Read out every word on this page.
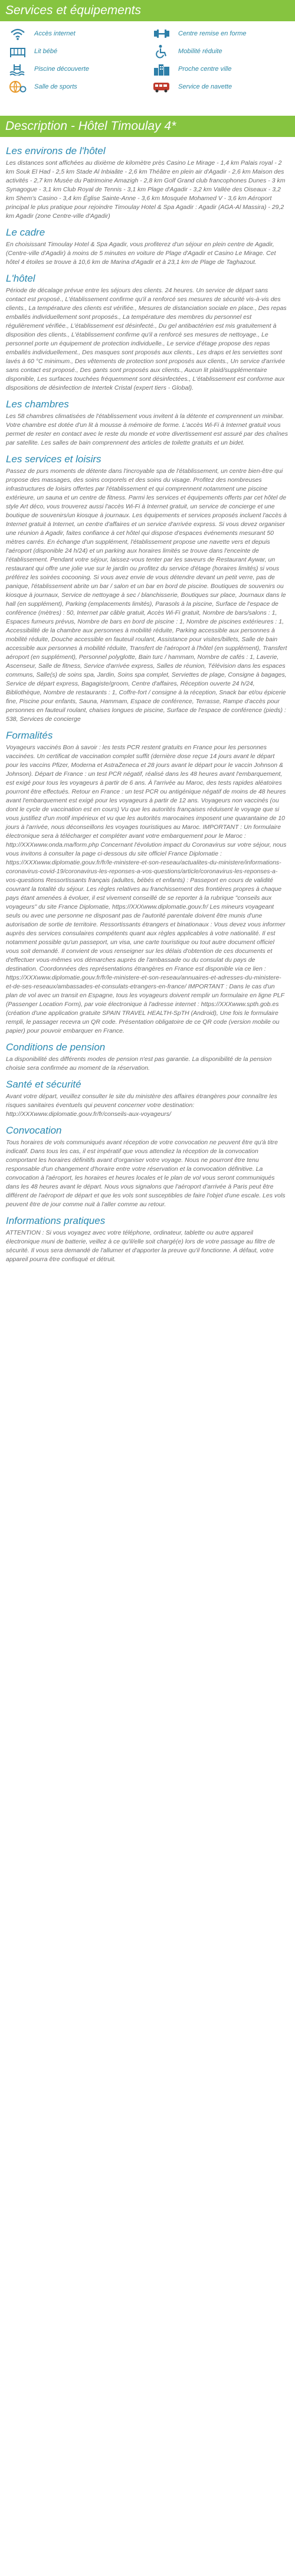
Services et équipements
Accès internet	Centre remise en forme
Lit bébé	Mobilité réduite
Piscine découverte	Proche centre ville
Salle de sports	Service de navette
Description - Hôtel Timoulay 4*
Les environs de l'hôtel

Les distances sont affichées au dixième de kilomètre près Casino Le Mirage - 1,4 km Palais royal - 2 km Souk El Had - 2,5 km Stade Al Inbiaâte - 2,6 km Théâtre en plein air d'Agadir - 2,6 km Maison des activités - 2,7 km Musée du Patrimoine Amazigh - 2,8 km Golf Grand club francophones Dunes - 3 km Synagogue - 3,1 km Club Royal de Tennis - 3,1 km Plage d'Agadir - 3,2 km Vallée des Oiseaux - 3,2 km Shem's Casino - 3,4 km Église Sainte-Anne - 3,6 km Mosquée Mohamed V - 3,6 km Aéroport principal le plus pratique pour rejoindre Timoulay Hotel & Spa Agadir : Agadir (AGA-Al Massira) - 29,2 km Agadir (zone Centre-ville d'Agadir)

Le cadre

En choisissant Timoulay Hotel & Spa Agadir, vous profiterez d'un séjour en plein centre de Agadir, (Centre-ville d'Agadir) à moins de 5 minutes en voiture de Plage d'Agadir et Casino Le Mirage. Cet hôtel 4 étoiles se trouve à 10,6 km de Marina d'Agadir et à 23,1 km de Plage de Taghazout.

L'hôtel

Période de décalage prévue entre les séjours des clients. 24 heures. Un service de départ sans contact est proposé., L'établissement confirme qu'il a renforcé ses mesures de sécurité vis-à-vis des clients., La température des clients est vérifiée., Mesures de distanciation sociale en place., Des repas emballés individuellement sont proposés., La température des membres du personnel est régulièrement vérifiée., L'établissement est désinfecté., Du gel antibactérien est mis gratuitement à disposition des clients., L'établissement confirme qu'il a renforcé ses mesures de nettoyage., Le personnel porte un équipement de protection individuelle., Le service d'étage propose des repas emballés individuellement., Des masques sont proposés aux clients., Les draps et les serviettes sont lavés à 60 °C minimum., Des vêtements de protection sont proposés aux clients., Un service d'arrivée sans contact est proposé., Des gants sont proposés aux clients., Aucun lit plaid/supplémentaire disponible, Les surfaces touchées fréquemment sont désinfectées., L'établissement est conforme aux dispositions de désinfection de Intertek Cristal (expert tiers - Global).

Les chambres

Les 58 chambres climatisées de l'établissement vous invitent à la détente et comprennent un minibar. Votre chambre est dotée d'un lit à mousse à mémoire de forme. L'accès Wi-Fi à Internet gratuit vous permet de rester en contact avec le reste du monde et votre divertissement est assuré par des chaînes par satellite. Les salles de bain comprennent des articles de toilette gratuits et un bidet.

Les services et loisirs

Passez de purs moments de détente dans l'incroyable spa de l'établissement, un centre bien-être qui propose des massages, des soins corporels et des soins du visage. Profitez des nombreuses infrastructures de loisirs offertes par l'établissement et qui comprennent notamment une piscine extérieure, un sauna et un centre de fitness. Parmi les services et équipements offerts par cet hôtel de style Art déco, vous trouverez aussi l'accès Wi-Fi à Internet gratuit, un service de concierge et une boutique de souvenirs/un kiosque à journaux. Les équipements et services proposés incluent l'accès à Internet gratuit à Internet, un centre d'affaires et un service d'arrivée express. Si vous devez organiser une réunion à Agadir, faites confiance à cet hôtel qui dispose d'espaces événements mesurant 50 mètres carrés. En échange d'un supplément, l'établissement propose une navette vers et depuis l'aéroport (disponible 24 h/24) et un parking aux horaires limités se trouve dans l'enceinte de l'établissement. Pendant votre séjour, laissez-vous tenter par les saveurs de Restaurant Aywar, un restaurant qui offre une jolie vue sur le jardin ou profitez du service d'étage (horaires limités) si vous préférez les soirées cocooning. Si vous avez envie de vous détendre devant un petit verre, pas de panique, l'établissement abrite un bar / salon et un bar en bord de piscine. Boutiques de souvenirs ou kiosque à journaux, Service de nettoyage à sec / blanchisserie, Boutiques sur place, Journaux dans le hall (en supplément), Parking (emplacements limités), Parasols à la piscine, Surface de l'espace de conférence (mètres) : 50, Internet par câble gratuit, Accès Wi-Fi gratuit, Nombre de bars/salons : 1, Espaces fumeurs prévus, Nombre de bars en bord de piscine : 1, Nombre de piscines extérieures : 1, Accessibilité de la chambre aux personnes à mobilité réduite, Parking accessible aux personnes à mobilité réduite, Douche accessible en fauteuil roulant, Assistance pour visites/billets, Salle de bain accessible aux personnes à mobilité réduite, Transfert de l'aéroport à l'hôtel (en supplément), Transfert aéroport (en supplément), Personnel polyglotte, Bain turc / hammam, Nombre de cafés : 1, Laverie, Ascenseur, Salle de fitness, Service d'arrivée express, Salles de réunion, Télévision dans les espaces communs, Salle(s) de soins spa, Jardin, Soins spa complet, Serviettes de plage, Consigne à bagages, Service de départ express, Bagagiste/groom, Centre d'affaires, Réception ouverte 24 h/24, Bibliothèque, Nombre de restaurants : 1, Coffre-fort / consigne à la réception, Snack bar et/ou épicerie fine, Piscine pour enfants, Sauna, Hammam, Espace de conférence, Terrasse, Rampe d'accès pour personnes en fauteuil roulant, chaises longues de piscine, Surface de l'espace de conférence (pieds) : 538, Services de concierge

Formalités

Voyageurs vaccinés Bon à savoir : les tests PCR restent gratuits en France pour les personnes vaccinées. Un certificat de vaccination complet suffit (dernière dose reçue 14 jours avant le départ pour les vaccins Pfizer, Moderna et AstraZeneca et 28 jours avant le départ pour le vaccin Johnson & Johnson). Départ de France : un test PCR négatif, réalisé dans les 48 heures avant l'embarquement, est exigé pour tous les voyageurs à partir de 6 ans. À l'arrivée au Maroc, des tests rapides aléatoires pourront être effectués. Retour en France : un test PCR ou antigénique négatif de moins de 48 heures avant l'embarquement est exigé pour les voyageurs à partir de 12 ans. Voyageurs non vaccinés (ou dont le cycle de vaccination est en cours) Vu que les autorités françaises réduisent le voyage que si vous justifiez d'un motif impérieux et vu que les autorités marocaines imposent une quarantaine de 10 jours à l'arrivée, nous déconseillons les voyages touristiques au Maroc. IMPORTANT : Un formulaire électronique sera à télécharger et compléter avant votre embarquement pour le Maroc : http://XXXwww.onda.ma/form.php Concernant l'évolution impact du Coronavirus sur votre séjour, nous vous invitons à consulter la page ci-dessous du site officiel France Diplomatie : https://XXXwww.diplomatie.gouv.fr/fr/le-ministere-et-son-reseau/actualites-du-ministere/informations-coronavirus-covid-19/coronavirus-les-reponses-a-vos-questions/article/coronavirus-les-reponses-a-vos-questions Ressortissants français (adultes, bébés et enfants) : Passeport en cours de validité couvrant la totalité du séjour. Les règles relatives au franchissement des frontières propres à chaque pays étant amenées à évoluer, il est vivement conseillé de se reporter à la rubrique "conseils aux voyageurs" du site France Diplomatie, https://XXXwww.diplomatie.gouv.fr/ Les mineurs voyageant seuls ou avec une personne ne disposant pas de l'autorité parentale doivent être munis d'une autorisation de sortie de territoire. Ressortissants étrangers et binationaux : Vous devez vous informer auprès des services consulaires compétents quant aux règles applicables à votre nationalité. Il est notamment possible qu'un passeport, un visa, une carte touristique ou tout autre document officiel vous soit demandé. Il convient de vous renseigner sur les délais d'obtention de ces documents et d'effectuer vous-mêmes vos démarches auprès de l'ambassade ou du consulat du pays de destination. Coordonnées des représentations étrangères en France est disponible via ce lien : https://XXXwww.diplomatie.gouv.fr/fr/le-ministere-et-son-reseau/annuaires-et-adresses-du-ministere-et-de-ses-reseaux/ambassades-et-consulats-etrangers-en-france/ IMPORTANT : Dans le cas d'un plan de vol avec un transit en Espagne, tous les voyageurs doivent remplir un formulaire en ligne PLF (Passenger Location Form), par voie électronique à l'adresse internet : https://XXXwww.spth.gob.es (création d'une application gratuite SPAIN TRAVEL HEALTH-SpTH (Android), Une fois le formulaire rempli, le passager recevra un QR code. Présentation obligatoire de ce QR code (version mobile ou papier) pour pouvoir embarquer en France.

Conditions de pension

La disponibilité des différents modes de pension n'est pas garantie. La disponibilité de la pension choisie sera confirmée au moment de la réservation.

Santé et sécurité

Avant votre départ, veuillez consulter le site du ministère des affaires étrangères pour connaître les risques sanitaires éventuels qui peuvent concerner votre destination: http://XXXwww.diplomatie.gouv.fr/fr/conseils-aux-voyageurs/

Convocation

Tous horaires de vols communiqués avant réception de votre convocation ne peuvent être qu'à titre indicatif. Dans tous les cas, il est impératif que vous attendiez la réception de la convocation comportant les horaires définitifs avant d'organiser votre voyage. Nous ne pourront être tenu responsable d'un changement d'horaire entre votre réservation et la convocation définitive. La convocation à l'aéroport, les horaires et heures locales et le plan de vol vous seront communiqués dans les 48 heures avant le départ. Nous vous signalons que l'aéroport d'arrivée à Paris peut être différent de l'aéroport de départ et que les vols sont susceptibles de faire l'objet d'une escale. Les vols peuvent être de jour comme nuit à l'aller comme au retour.

Informations pratiques

ATTENTION : Si vous voyagez avec votre téléphone, ordinateur, tablette ou autre appareil électronique muni de batterie, veillez à ce qu'il/elle soit chargé(e) lors de votre passage au filtre de sécurité. Il vous sera demandé de l'allumer et d'apporter la preuve qu'il fonctionne. À défaut, votre appareil pourra être confisqué et détruit.
